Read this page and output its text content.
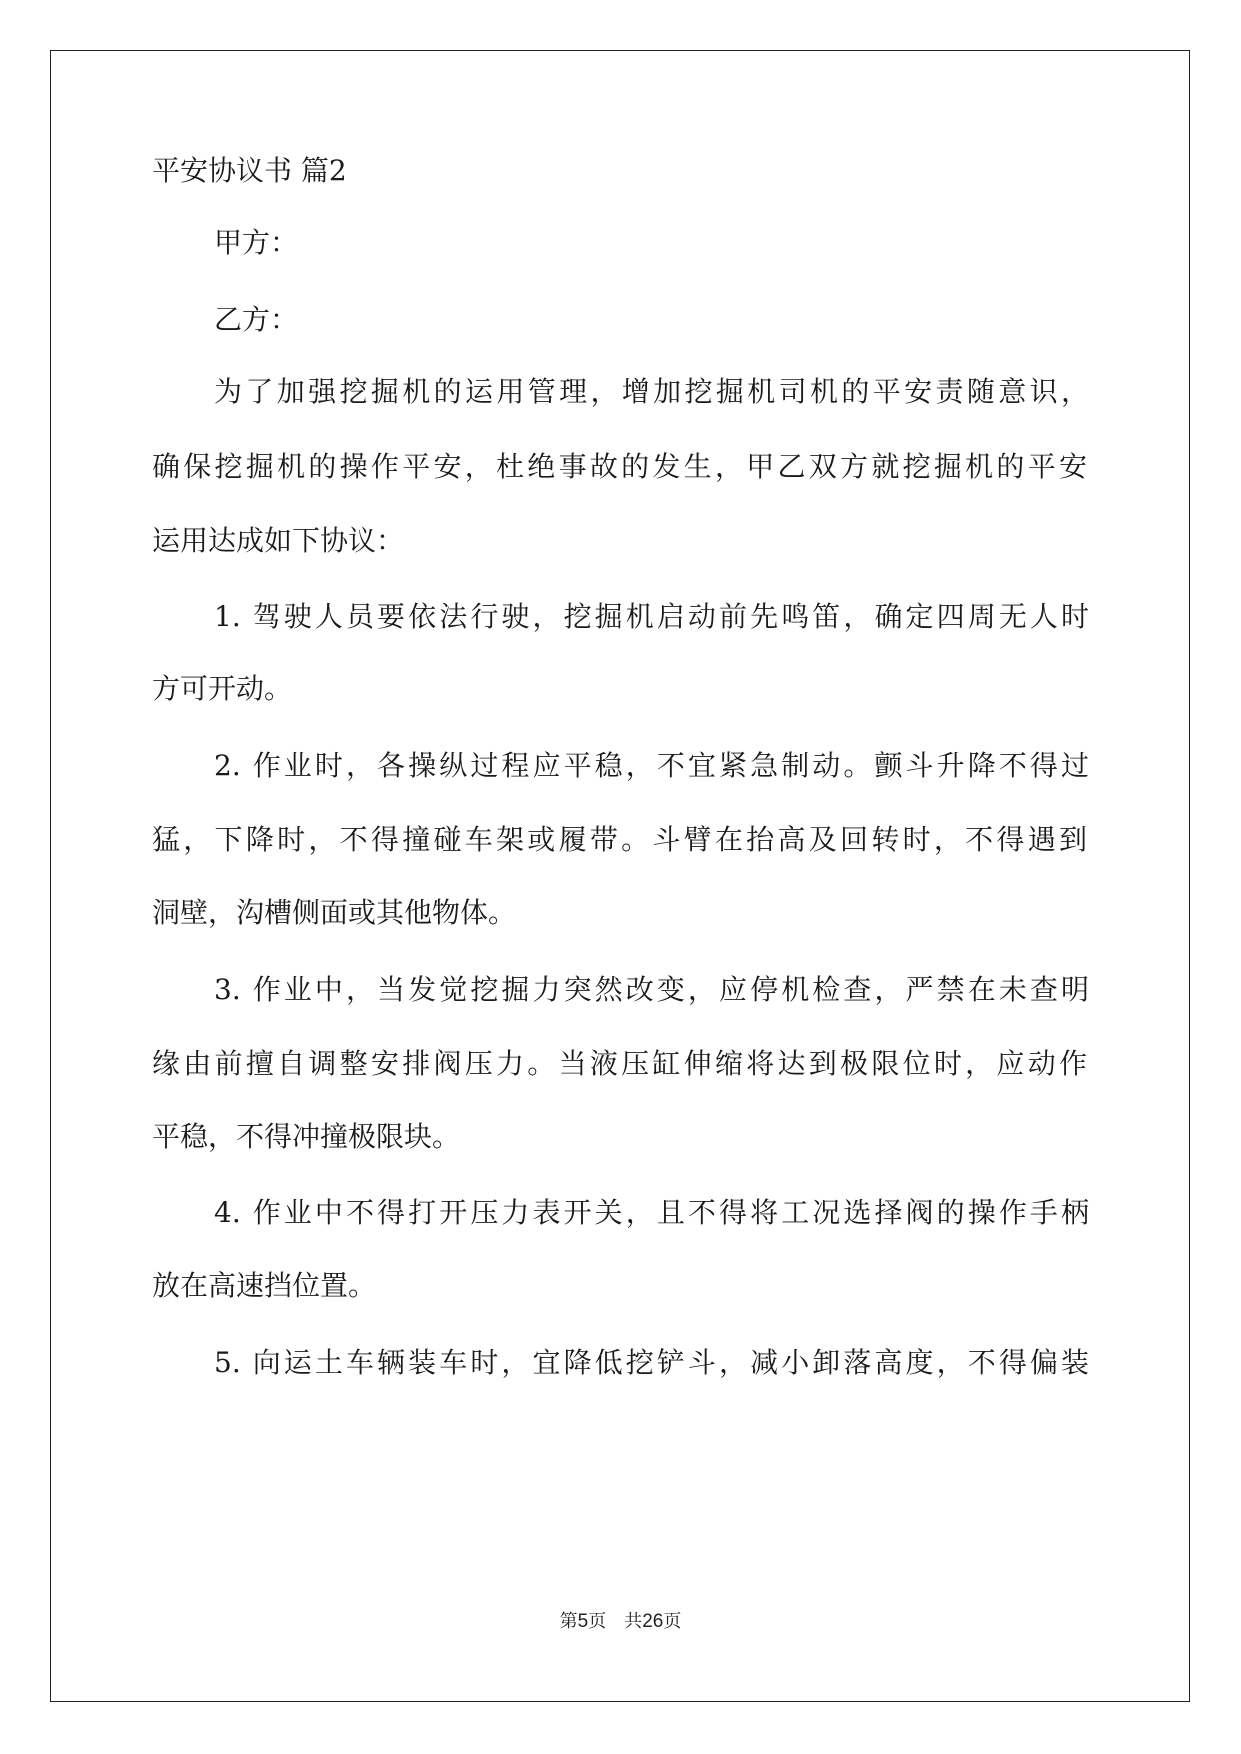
平安协议书 篇2
甲方：
乙方：
为了加强挖掘机的运用管理，增加挖掘机司机的平安责随意识，
确保挖掘机的操作平安，杜绝事故的发生，甲乙双方就挖掘机的平安
运用达成如下协议：
1. 驾驶人员要依法行驶，挖掘机启动前先鸣笛，确定四周无人时
方可开动。
2. 作业时，各操纵过程应平稳，不宜紧急制动。颤斗升降不得过
猛，下降时，不得撞碰车架或履带。斗臂在抬高及回转时，不得遇到
洞壁，沟槽侧面或其他物体。
3. 作业中，当发觉挖掘力突然改变，应停机检查，严禁在未查明
缘由前擅自调整安排阀压力。当液压缸伸缩将达到极限位时，应动作
平稳，不得冲撞极限块。
4. 作业中不得打开压力表开关，且不得将工况选择阀的操作手柄
放在高速挡位置。
5. 向运土车辆装车时，宜降低挖铲斗，减小卸落高度，不得偏装
第5页 共26页
